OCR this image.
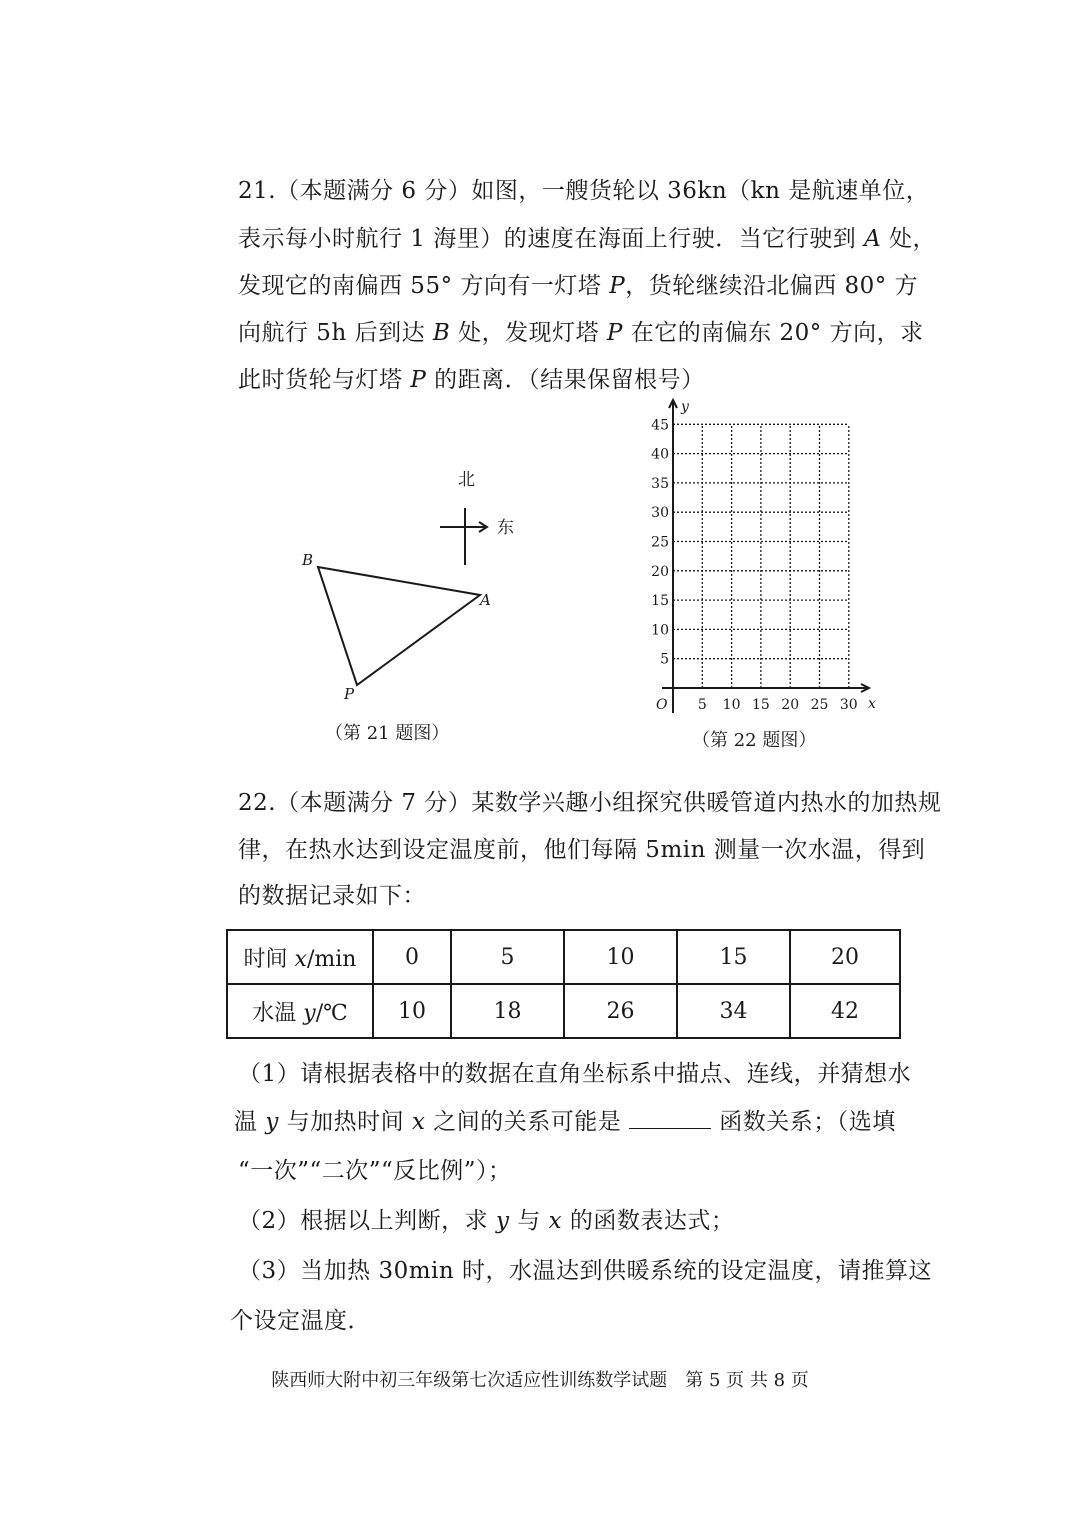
21.（本题满分 6 分）如图，一艘货轮以 36kn（kn 是航速单位，
表示每小时航行 1 海里）的速度在海面上行驶．当它行驶到 A 处，
发现它的南偏西 55° 方向有一灯塔 P，货轮继续沿北偏西 80° 方
向航行 5h 后到达 B 处，发现灯塔 P 在它的南偏东 20° 方向，求
此时货轮与灯塔 P 的距离．（结果保留根号）
北
东
B
A
P
（第 21 题图）
y
x
O 5 10 15 20 25 30
5
10
15
20
25
30
35
40
45
（第 22 题图）
22.（本题满分 7 分）某数学兴趣小组探究供暖管道内热水的加热规
律，在热水达到设定温度前，他们每隔 5min 测量一次水温，得到
的数据记录如下：
时间 x/min	0	5	10	15	20
水温 y/℃	10	18	26	34	42
（1）请根据表格中的数据在直角坐标系中描点、连线，并猜想水
温 y 与加热时间 x 之间的关系可能是	函数关系；（选填
“一次”“二次”“反比例”）；
（2）根据以上判断，求 y 与 x 的函数表达式；
（3）当加热 30min 时，水温达到供暖系统的设定温度，请推算这
个设定温度．
陕西师大附中初三年级第七次适应性训练数学试题　第 5 页 共 8 页
